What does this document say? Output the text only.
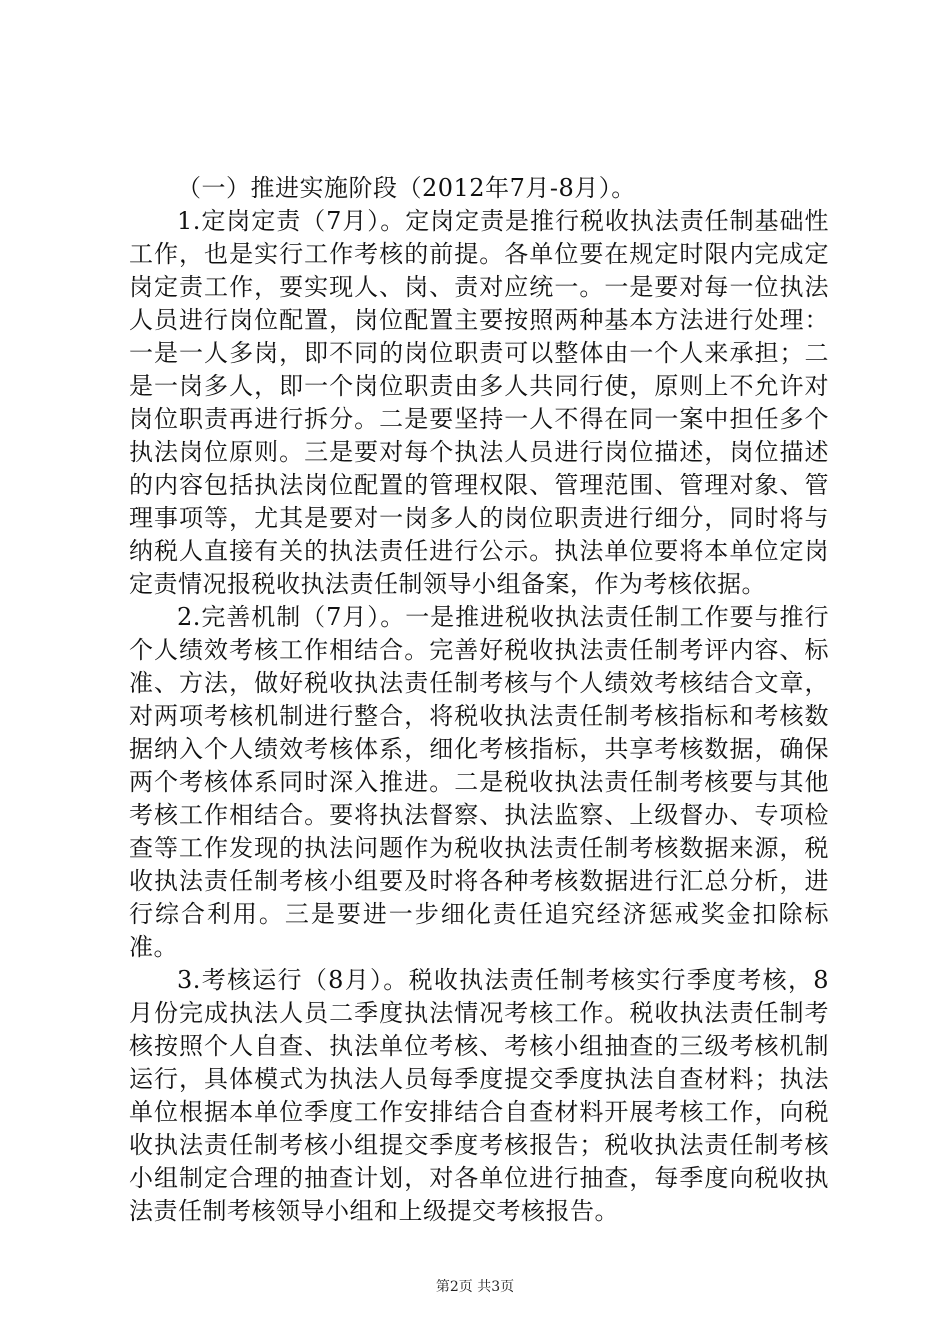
（一）推进实施阶段（2012年7月-8月）。

1.定岗定责（7月）。定岗定责是推行税收执法责任制基础性工作，也是实行工作考核的前提。各单位要在规定时限内完成定岗定责工作，要实现人、岗、责对应统一。一是要对每一位执法人员进行岗位配置，岗位配置主要按照两种基本方法进行处理：一是一人多岗，即不同的岗位职责可以整体由一个人来承担；二是一岗多人，即一个岗位职责由多人共同行使，原则上不允许对岗位职责再进行拆分。二是要坚持一人不得在同一案中担任多个执法岗位原则。三是要对每个执法人员进行岗位描述，岗位描述的内容包括执法岗位配置的管理权限、管理范围、管理对象、管理事项等，尤其是要对一岗多人的岗位职责进行细分，同时将与纳税人直接有关的执法责任进行公示。执法单位要将本单位定岗定责情况报税收执法责任制领导小组备案，作为考核依据。

2.完善机制（7月）。一是推进税收执法责任制工作要与推行个人绩效考核工作相结合。完善好税收执法责任制考评内容、标准、方法，做好税收执法责任制考核与个人绩效考核结合文章，对两项考核机制进行整合，将税收执法责任制考核指标和考核数据纳入个人绩效考核体系，细化考核指标，共享考核数据，确保两个考核体系同时深入推进。二是税收执法责任制考核要与其他考核工作相结合。要将执法督察、执法监察、上级督办、专项检查等工作发现的执法问题作为税收执法责任制考核数据来源，税收执法责任制考核小组要及时将各种考核数据进行汇总分析，进行综合利用。三是要进一步细化责任追究经济惩戒奖金扣除标准。

3.考核运行（8月）。税收执法责任制考核实行季度考核，8月份完成执法人员二季度执法情况考核工作。税收执法责任制考核按照个人自查、执法单位考核、考核小组抽查的三级考核机制运行，具体模式为执法人员每季度提交季度执法自查材料；执法单位根据本单位季度工作安排结合自查材料开展考核工作，向税收执法责任制考核小组提交季度考核报告；税收执法责任制考核小组制定合理的抽查计划，对各单位进行抽查，每季度向税收执法责任制考核领导小组和上级提交考核报告。

第2页 共3页
